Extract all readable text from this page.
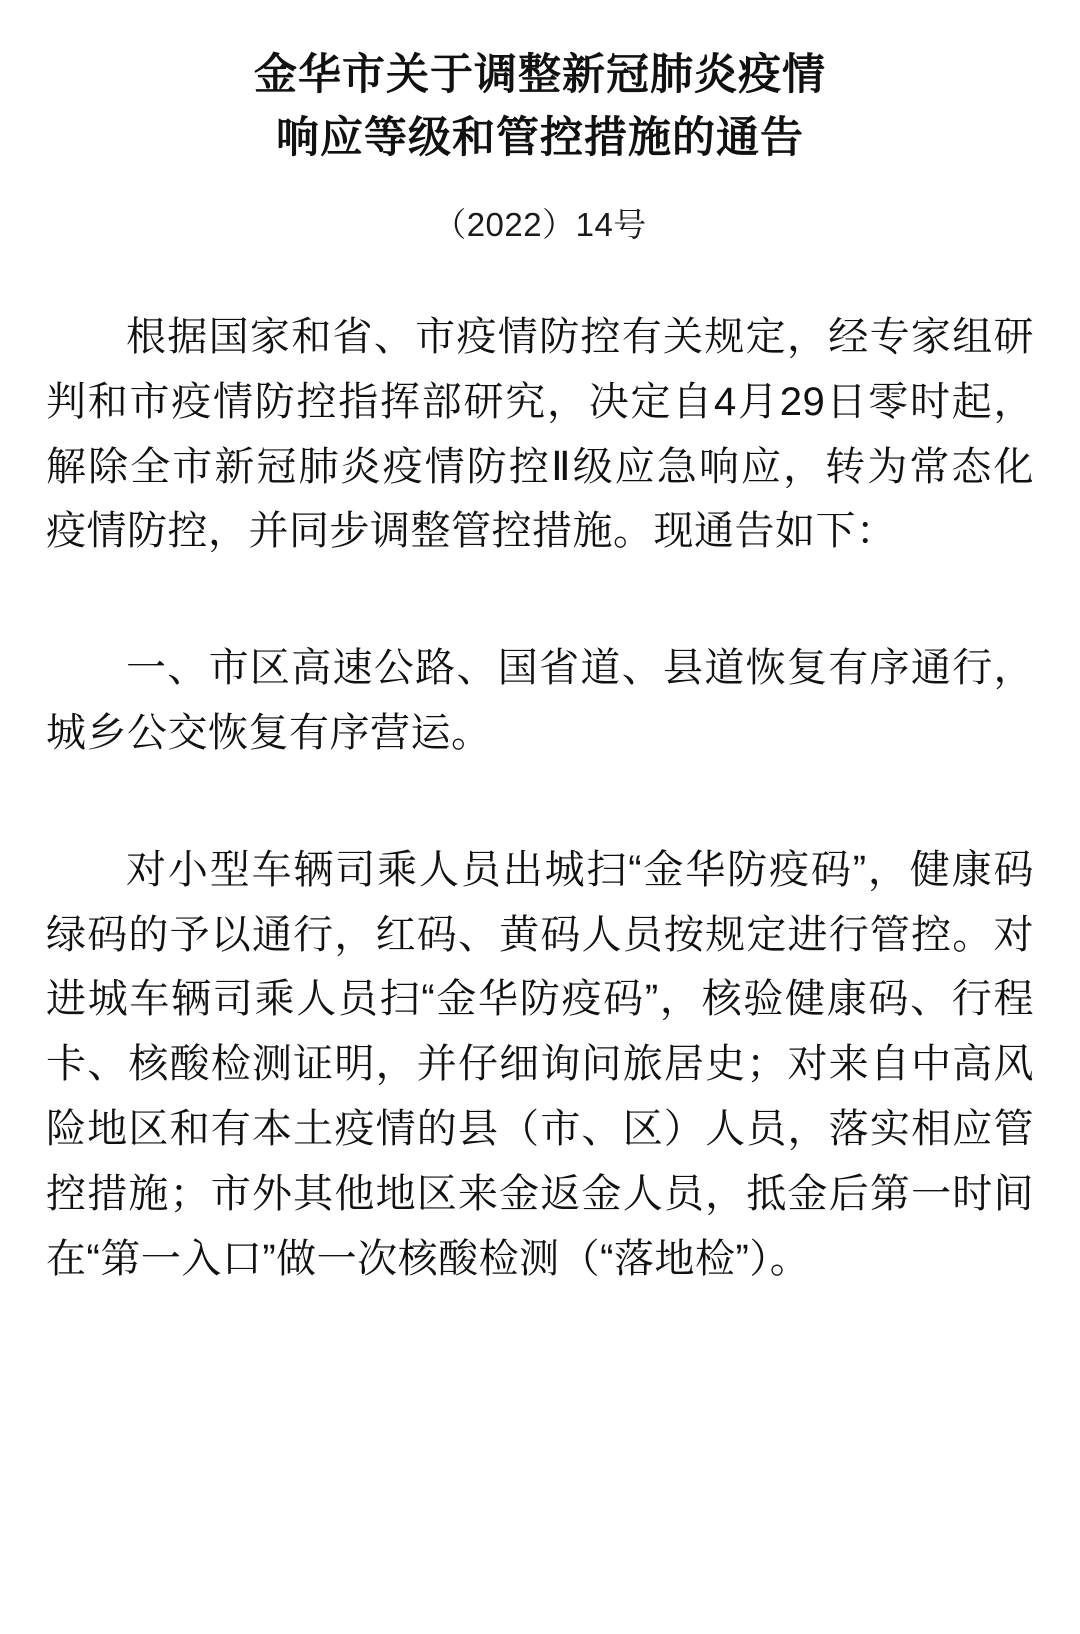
金华市关于调整新冠肺炎疫情
响应等级和管控措施的通告
（2022）14号

根据国家和省、市疫情防控有关规定，经专家组研判和市疫情防控指挥部研究，决定自4月29日零时起，解除全市新冠肺炎疫情防控Ⅱ级应急响应，转为常态化疫情防控，并同步调整管控措施。现通告如下：

一、市区高速公路、国省道、县道恢复有序通行，城乡公交恢复有序营运。

对小型车辆司乘人员出城扫“金华防疫码”，健康码绿码的予以通行，红码、黄码人员按规定进行管控。对进城车辆司乘人员扫“金华防疫码”，核验健康码、行程卡、核酸检测证明，并仔细询问旅居史；对来自中高风险地区和有本土疫情的县（市、区）人员，落实相应管控措施；市外其他地区来金返金人员，抵金后第一时间在“第一入口”做一次核酸检测（“落地检”）。
